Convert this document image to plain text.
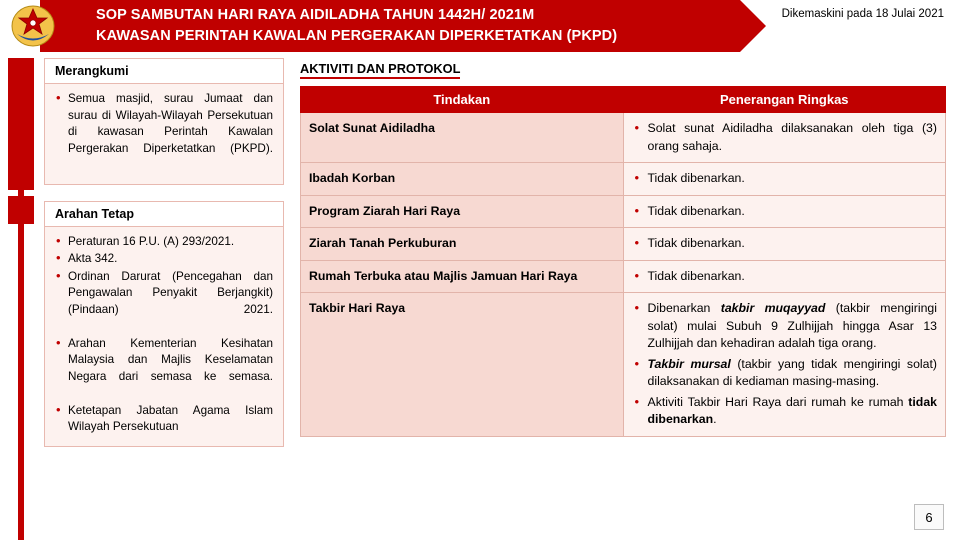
SOP SAMBUTAN HARI RAYA AIDILADHA TAHUN 1442H/ 2021M
KAWASAN PERINTAH KAWALAN PERGERAKAN DIPERKETATKAN (PKPD)
Dikemaskini pada 18 Julai 2021
Merangkumi
• Semua masjid, surau Jumaat dan surau di Wilayah-Wilayah Persekutuan di kawasan Perintah Kawalan Pergerakan Diperketatkan (PKPD).
Arahan Tetap
• Peraturan 16 P.U. (A) 293/2021.
• Akta 342.
• Ordinan Darurat (Pencegahan dan Pengawalan Penyakit Berjangkit) (Pindaan) 2021.
• Arahan Kementerian Kesihatan Malaysia dan Majlis Keselamatan Negara dari semasa ke semasa.
• Ketetapan Jabatan Agama Islam Wilayah Persekutuan
AKTIVITI DAN PROTOKOL
Tindakan	Penerangan Ringkas
Solat Sunat Aidiladha	
•Solat sunat Aidiladha dilaksanakan oleh tiga (3) orang sahaja.

Ibadah Korban	
•Tidak dibenarkan.

Program Ziarah Hari Raya	
•Tidak dibenarkan.

Ziarah Tanah Perkuburan	
•Tidak dibenarkan.

Rumah Terbuka atau Majlis Jamuan Hari Raya	
•Tidak dibenarkan.

Takbir Hari Raya	
•Dibenarkan takbir muqayyad (takbir mengiringi solat) mulai Subuh 9 Zulhijjah hingga Asar 13 Zulhijjah dan kehadiran adalah tiga orang.
• Takbir mursal (takbir yang tidak mengiringi solat) dilaksanakan di kediaman masing-masing.
• Aktiviti Takbir Hari Raya dari rumah ke rumah tidak dibenarkan.
6
